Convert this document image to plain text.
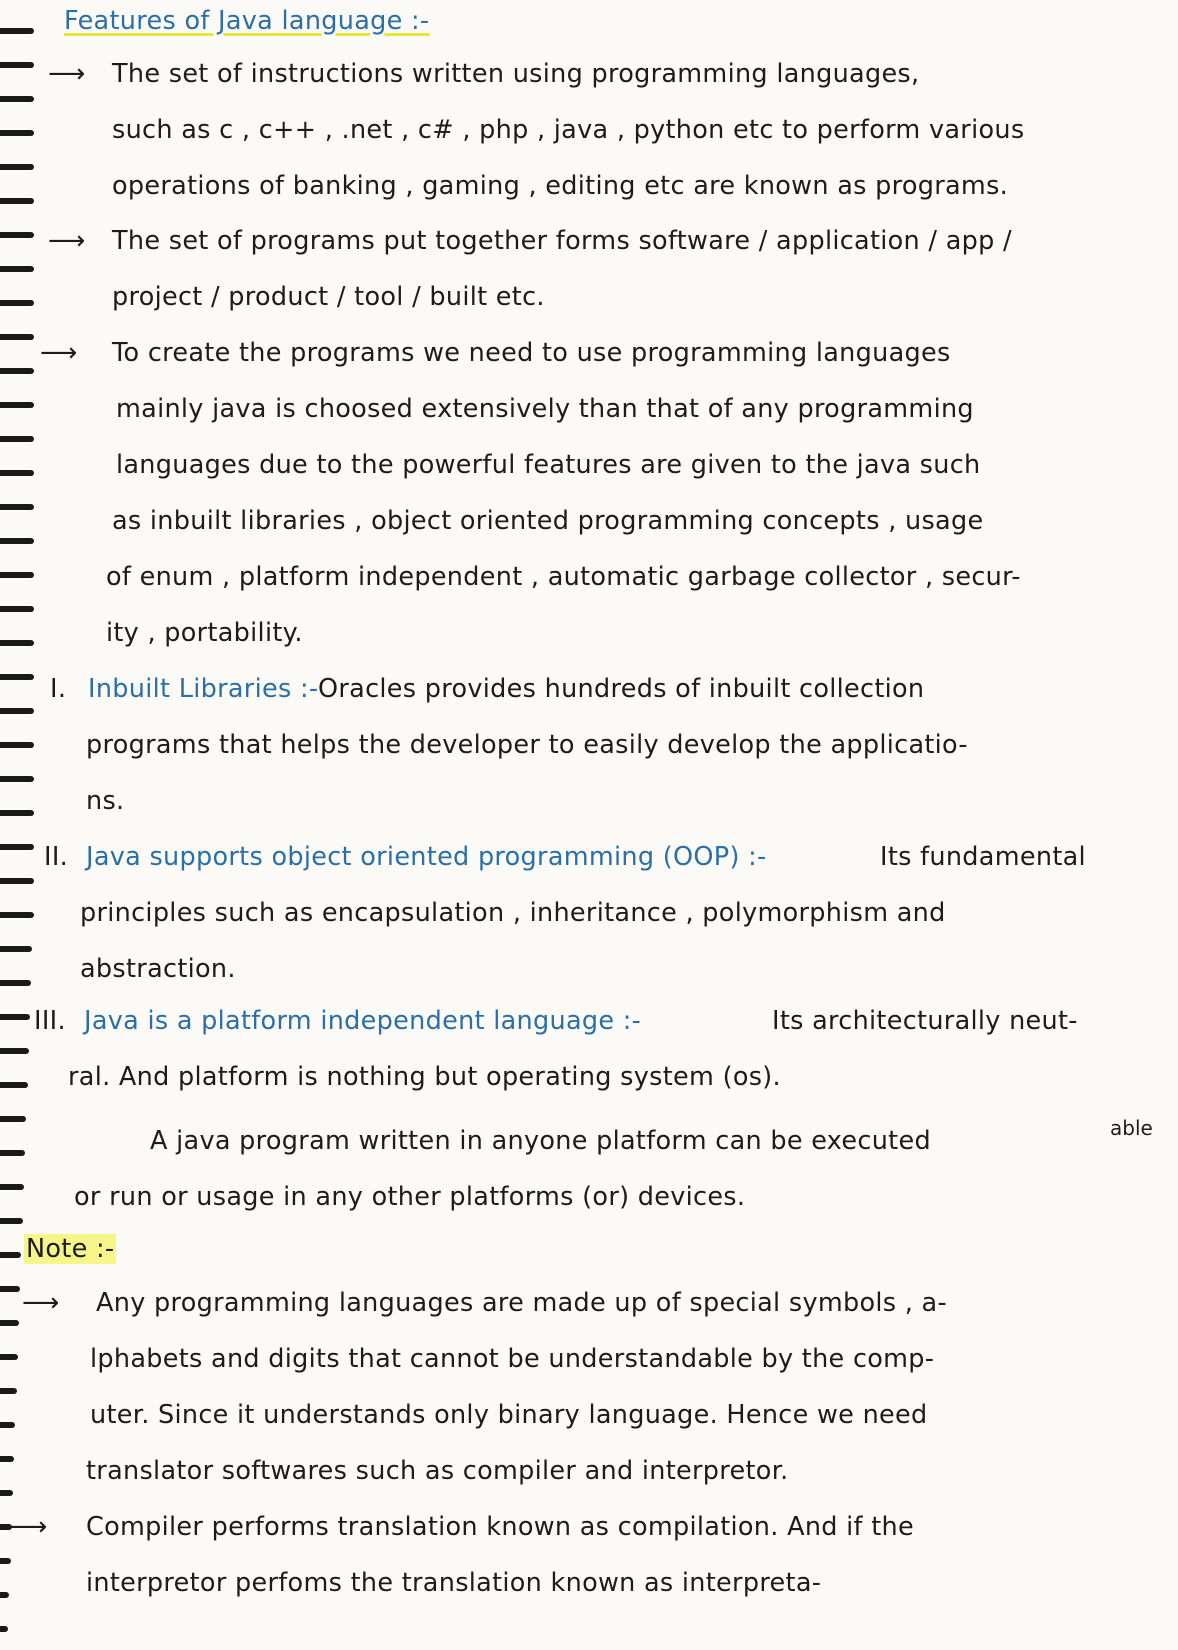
Features of Java language :-
⟶ The set of instructions written using programming languages,
such as c , c++ , .net , c# , php , java , python etc to perform various
operations of banking , gaming , editing etc are known as programs.
⟶ The set of programs put together forms software / application / app /
project / product / tool / built etc.
⟶ To create the programs we need to use programming languages
mainly java is choosed extensively than that of any programming
languages due to the powerful features are given to the java such
as inbuilt libraries , object oriented programming concepts , usage
of enum , platform independent , automatic garbage collector , secur-
ity , portability.
I. Inbuilt Libraries :- Oracles provides hundreds of inbuilt collection
programs that helps the developer to easily develop the applicatio-
ns.
II. Java supports object oriented programming (OOP) :-	Its fundamental
principles such as encapsulation , inheritance , polymorphism and
abstraction.
III. Java is a platform independent language :-	Its architecturally neut-
ral. And platform is nothing but operating system (os).
able
A java program written in anyone platform can be executed
or run or usage in any other platforms (or) devices.
Note :-
⟶ Any programming languages are made up of special symbols , a-
lphabets and digits that cannot be understandable by the comp-
uter. Since it understands only binary language. Hence we need
translator softwares such as compiler and interpretor.
⟶ Compiler performs translation known as compilation. And if the
interpretor perfoms the translation known as interpreta-
